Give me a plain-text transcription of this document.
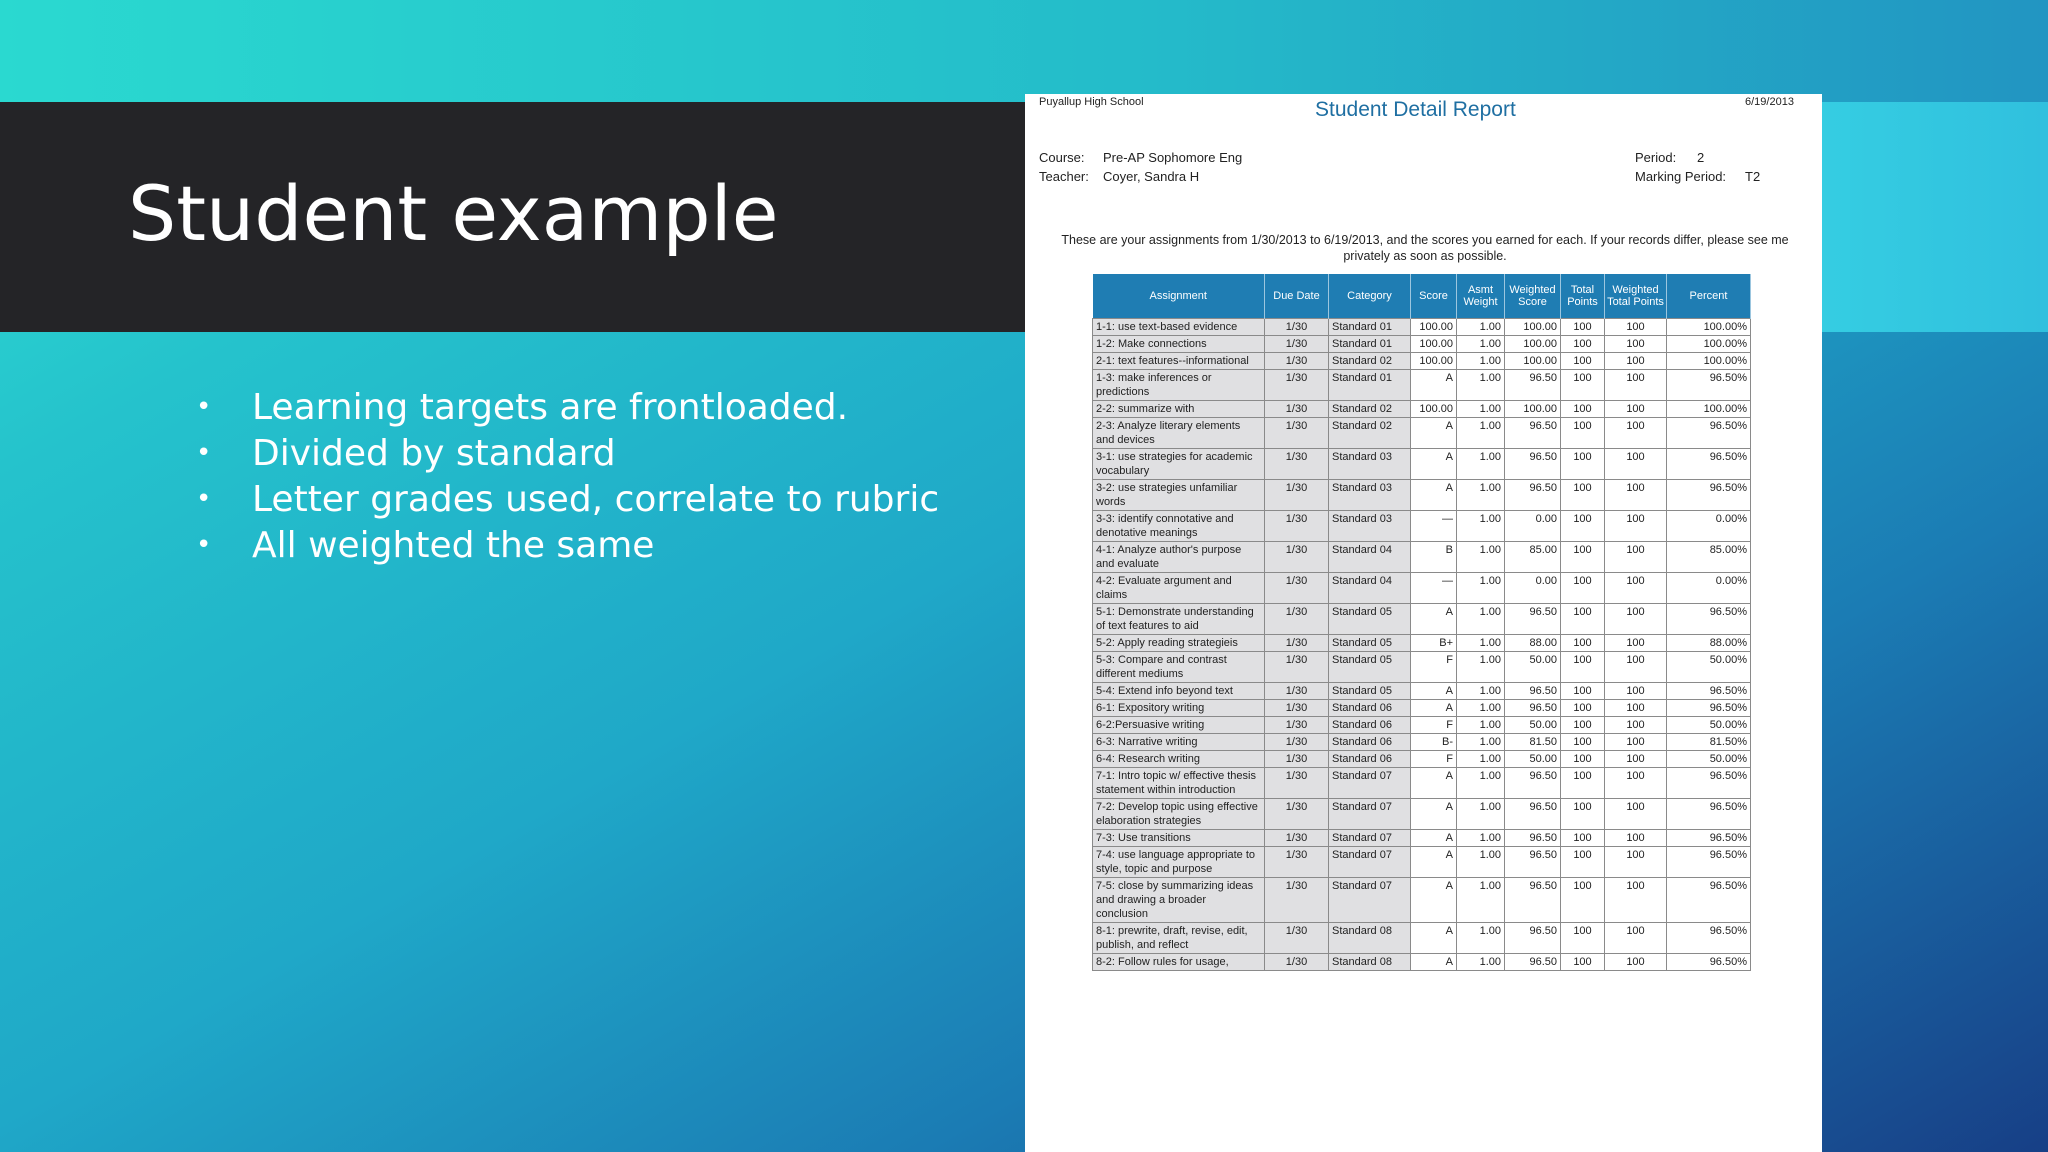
Student example
•	Learning targets are frontloaded.
•	Divided by standard
•	Letter grades used, correlate to rubric
•	All weighted the same
Puyallup High School	Student Detail Report	6/19/2013
Course: Pre-AP Sophomore Eng
Teacher: Coyer, Sandra H
Period: 2
Marking Period: T2
These are your assignments from 1/30/2013 to 6/19/2013, and the scores you earned for each. If your records differ, please see me privately as soon as possible.
Assignment	Due Date	Category	Score	Asmt Weight	Weighted Score	Total Points	Weighted Total Points	Percent
1-1: use text-based evidence	1/30	Standard 01	100.00	1.00	100.00	100	100	100.00%
1-2: Make connections	1/30	Standard 01	100.00	1.00	100.00	100	100	100.00%
2-1: text features--informational	1/30	Standard 02	100.00	1.00	100.00	100	100	100.00%
1-3: make inferences or predictions	1/30	Standard 01	A	1.00	96.50	100	100	96.50%
2-2: summarize with	1/30	Standard 02	100.00	1.00	100.00	100	100	100.00%
2-3: Analyze literary elements and devices	1/30	Standard 02	A	1.00	96.50	100	100	96.50%
3-1: use strategies for academic vocabulary	1/30	Standard 03	A	1.00	96.50	100	100	96.50%
3-2: use strategies unfamiliar words	1/30	Standard 03	A	1.00	96.50	100	100	96.50%
3-3: identify connotative and denotative meanings	1/30	Standard 03	—	1.00	0.00	100	100	0.00%
4-1: Analyze author's purpose and evaluate	1/30	Standard 04	B	1.00	85.00	100	100	85.00%
4-2: Evaluate argument and claims	1/30	Standard 04	—	1.00	0.00	100	100	0.00%
5-1: Demonstrate understanding of text features to aid	1/30	Standard 05	A	1.00	96.50	100	100	96.50%
5-2: Apply reading strategieis	1/30	Standard 05	B+	1.00	88.00	100	100	88.00%
5-3: Compare and contrast different mediums	1/30	Standard 05	F	1.00	50.00	100	100	50.00%
5-4: Extend info beyond text	1/30	Standard 05	A	1.00	96.50	100	100	96.50%
6-1: Expository writing	1/30	Standard 06	A	1.00	96.50	100	100	96.50%
6-2:Persuasive writing	1/30	Standard 06	F	1.00	50.00	100	100	50.00%
6-3: Narrative writing	1/30	Standard 06	B-	1.00	81.50	100	100	81.50%
6-4: Research writing	1/30	Standard 06	F	1.00	50.00	100	100	50.00%
7-1: Intro topic w/ effective thesis statement within introduction	1/30	Standard 07	A	1.00	96.50	100	100	96.50%
7-2: Develop topic using effective elaboration strategies	1/30	Standard 07	A	1.00	96.50	100	100	96.50%
7-3: Use transitions	1/30	Standard 07	A	1.00	96.50	100	100	96.50%
7-4: use language appropriate to style, topic and purpose	1/30	Standard 07	A	1.00	96.50	100	100	96.50%
7-5: close by summarizing ideas and drawing a broader conclusion	1/30	Standard 07	A	1.00	96.50	100	100	96.50%
8-1: prewrite, draft, revise, edit, publish, and reflect	1/30	Standard 08	A	1.00	96.50	100	100	96.50%
8-2: Follow rules for usage,	1/30	Standard 08	A	1.00	96.50	100	100	96.50%
